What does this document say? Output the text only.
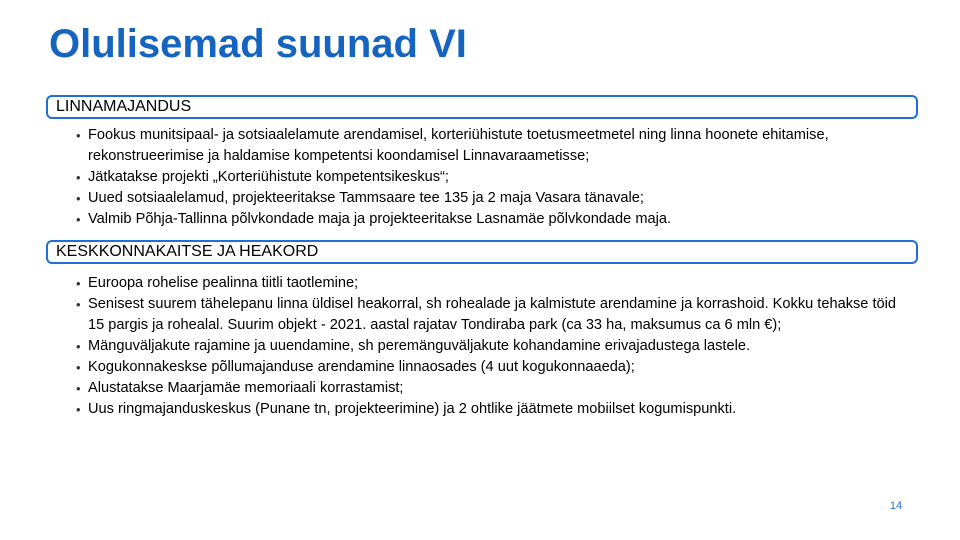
Olulisemad suunad VI
LINNAMAJANDUS
• Fookus munitsipaal- ja sotsiaalelamute arendamisel, korteriühistute toetusmeetmetel ning linna hoonete ehitamise, rekonstrueerimise ja haldamise kompetentsi koondamisel Linnavaraametisse;
• Jätkatakse projekti „Korteriühistute kompetentsikeskus“;
• Uued sotsiaalelamud, projekteeritakse Tammsaare tee 135 ja 2 maja Vasara tänavale;
• Valmib Põhja-Tallinna põlvkondade maja ja projekteeritakse Lasnamäe põlvkondade maja.
KESKKONNAKAITSE JA HEAKORD
• Euroopa rohelise pealinna tiitli taotlemine;
• Senisest suurem tähelepanu linna üldisel heakorral, sh rohealade ja kalmistute arendamine ja korrashoid. Kokku tehakse töid 15 pargis ja rohealal. Suurim objekt - 2021. aastal rajatav Tondiraba park (ca 33 ha, maksumus ca 6 mln €);
• Mänguväljakute rajamine ja uuendamine, sh peremänguväljakute kohandamine erivajadustega lastele.
• Kogukonnakeskse põllumajanduse arendamine linnaosades (4 uut kogukonnaaeda);
• Alustatakse Maarjamäe memoriaali korrastamist;
• Uus ringmajanduskeskus (Punane tn, projekteerimine) ja 2 ohtlike jäätmete mobiilset kogumispunkti.
14
